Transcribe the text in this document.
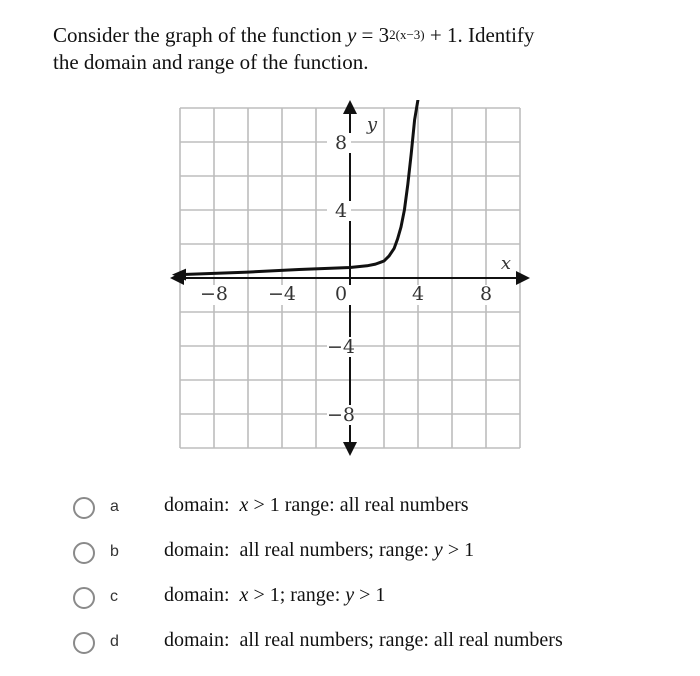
Consider the graph of the function $y = 3^{2(x-3)} + 1$. Identify
the domain and range of the function.
x
y
−8 −4 0	4	8
8
4
−4
−8
a domain: x > 1 range: all real numbers
b domain: all real numbers; range: y > 1
c domain: x > 1; range: y > 1
d domain: all real numbers; range: all real numbers
